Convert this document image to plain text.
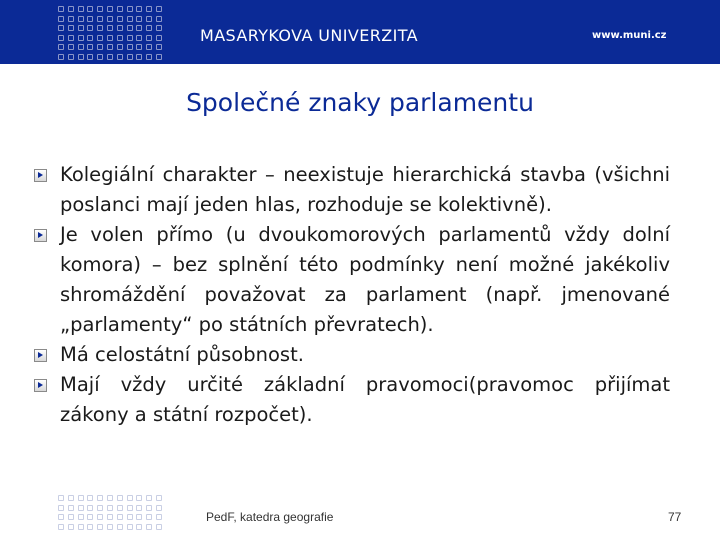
MASARYKOVA UNIVERZITA	www.muni.cz
Společné znaky parlamentu
Kolegiální charakter – neexistuje hierarchická stavba (všichni poslanci mají jeden hlas, rozhoduje se kolektivně).
Je volen přímo (u dvoukomorových parlamentů vždy dolní komora) – bez splnění této podmínky není možné jakékoliv shromáždění považovat za parlament (např. jmenované „parlamenty“ po státních převratech).
Má celostátní působnost.
Mají vždy určité základní pravomoci(pravomoc přijímat zákony a státní rozpočet).
PedF, katedra geografie	77
